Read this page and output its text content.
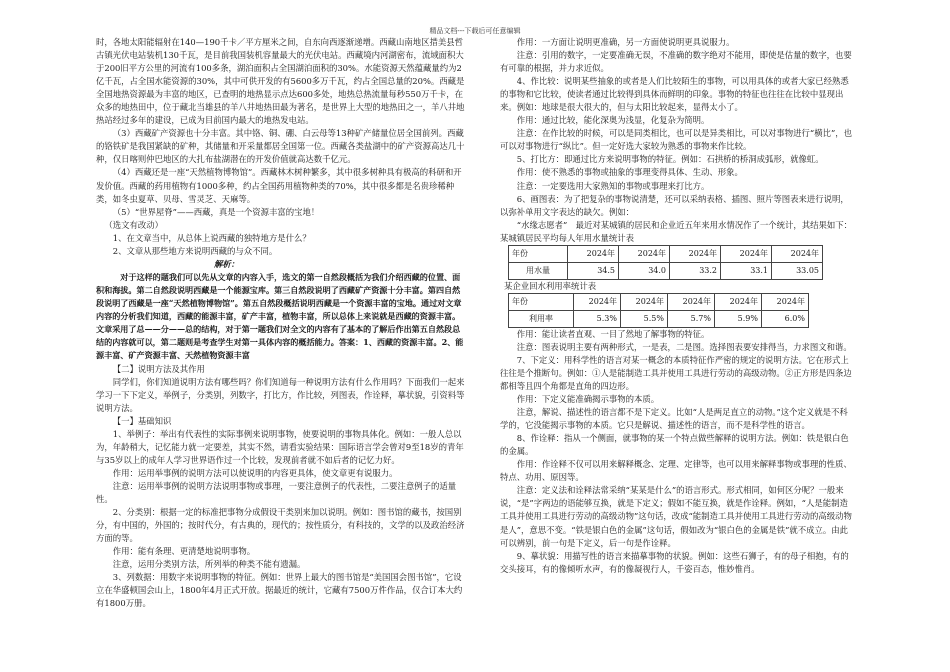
精品文档---下载后可任意编辑

时，各地太阳能辐射在140—190千卡／平方厘米之间，自东向西逐渐递增。西藏山南地区措美县哲古镇光伏电站装机130千瓦，是目前我国装机容量最大的光伏电站。西藏境内河湖密布，流域面积大于200旧平方公里的河流有100多条，湖泊面积占全国湖泊面积的30%。水能资源天然蕴藏量约为2亿千瓦，占全国水能资源的30%，其中可供开发的有5600多万千瓦，约占全国总量的20%。西藏是全国地热资源最为丰富的地区，已查明的地热显示点达600多处，地热总热流量每秒550万千卡，在众多的地热田中，位于藏北当雄县的羊八井地热田最为著名，是世界上大型的地热田之一，羊八井地热站经过多年的建设，已成为目前国内最大的地热发电站。

（3）西藏矿产资源也十分丰富。其中铬、铜、硼、白云母等13种矿产储量位居全国前列。西藏的铬铁矿是我国紧缺的矿种，其储量和开采量都居全国第一位。西藏各类盐湖中的矿产资源高达几十种，仅日喀则仲巴地区的大扎布盐湖潜在的开发价值就高达数千亿元。

（4）西藏还是一座“天然植物博物馆”。西藏林木树种繁多，其中很多树种具有极高的科研和开发价值。西藏的药用植物有1000多种，约占全国药用植物种类的70%，其中很多都是名贵珍稀种类，如冬虫夏草、贝母、雪灵芝、天麻等。

（5）“世界屋脊”——西藏，真是一个资源丰富的宝地！

（选文有改动）

1、在文章当中，从总体上说西藏的独特地方是什么？

2、文章从那些地方来说明西藏的与众不同。

解析：

对于这样的题我们可以先从文章的内容入手，选文的第一自然段概括为我们介绍西藏的位置、面积和海拔。第二自然段说明西藏是一个能源宝库。第三自然段说明了西藏矿产资源十分丰富。第四自然段说明了西藏是一座“天然植物博物馆”。第五自然段概括说明西藏是一个资源丰富的宝地。通过对文章内容的分析我们知道，西藏的能源丰富，矿产丰富，植物丰富，所以总体上来说就是西藏的资源丰富。文章采用了总——分——总的结构，对于第一题我们对全文的内容有了基本的了解后作出第五自然段总结的内容就可以，第二题则是考查学生对第一具体内容的概括能力。答案：1、西藏的资源丰富。2、能源丰富、矿产资源丰富、天然植物资源丰富

【二】说明方法及其作用

同学们，你们知道说明方法有哪些吗？你们知道每一种说明方法有什么作用吗？下面我们一起来学习一下下定义，举例子，分类别，列数字，打比方，作比较，列图表，作诠释，摹状貌，引资料等说明方法。

【一】基础知识

1、举例子：举出有代表性的实际事例来说明事物，使要说明的事物具体化。例如：一般人总以为，年龄稍大，记忆能力就一定要差，其实不然，请看实验结果：国际语言学会曾对9至18岁的青年与35岁以上的成年人学习世界语作过一个比较，发现前者就不如后者的记忆力好。

作用：运用举事例的说明方法可以使说明的内容更具体，使文章更有说服力。

注意：运用举事例的说明方法说明事物或事理，一要注意例子的代表性，二要注意例子的适量性。

2、分类别：根据一定的标准把事物分成假设干类别来加以说明。例如：图书馆的藏书，按国别分，有中国的，外国的；按时代分，有古典的，现代的；按性质分，有科技的，文学的以及政治经济方面的等。

作用：能有条理、更清楚地说明事物。

注意，运用分类别方法，所列举的种类不能有遗漏。

3、列数据：用数字来说明事物的特征。例如：世界上最大的图书馆是“美国国会图书馆”，它设立在华盛顿国会山上，1800年4月正式开放。据最近的统计，它藏有7500万件作品，仅合订本大约有1800万册。

作用：一方面让说明更准确，另一方面使说明更具说服力。

注意：引用的数字，一定要准确无误，不准确的数字绝对不能用，即使是估量的数字，也要有可靠的根据，并力求近似。

4、作比较：说明某些抽象的或者是人们比较陌生的事物，可以用具体的或者大家已经熟悉的事物和它比较，使读者通过比较得到具体而鲜明的印象。事物的特征也往往在比较中显现出来。例如：地球是很大很大的，但与太阳比较起来，显得太小了。

作用：通过比较，能化深奥为浅显，化复杂为简明。

注意：在作比较的时候，可以是同类相比，也可以是异类相比，可以对事物进行“横比”，也可以对事物进行“纵比”。但一定好选大家较为熟悉的事物来作比较。

5、打比方：即通过比方来说明事物的特征。例如：石拱桥的桥洞成弧形，就像虹。

作用：使不熟悉的事物或抽象的事理变得具体、生动、形象。

注意：一定要选用大家熟知的事物或事理来打比方。

6、画图表：为了把复杂的事物说清楚，还可以采纳表格、插图、照片等图表来进行说明，以弥补单用文字表达的缺欠。例如：

“水缘志愿者”　最近对某城镇的居民和企业近五年来用水情况作了一个统计，其结果如下：

某城镇居民平均每人年用水量统计表

年份	2024年	2024年	2024年	2024年	2024年
用水量	34.5	34.0	33.2	33.1	33.05

某企业回水利用率统计表

年份	2024年	2024年	2024年	2024年	2024年
利用率	5.3%	5.5%	5.7%	5.9%	6.0%

作用：能让读者直观、一目了然地了解事物的特征。

注意：图表说明主要有两种形式，一是表，二是图。选择图表要安排得当，力求图文和谐。

7、下定义：用科学性的语言对某一概念的本质特征作严密的规定的说明方法。它在形式上往往是个推断句。例如：①人是能制造工具并使用工具进行劳动的高级动物。②正方形是四条边都相等且四个角都是直角的四边形。

作用：下定义能准确揭示事物的本质。

注意，解说、描述性的语言都不是下定义。比如“人是两足直立的动物。”这个定义就是不科学的，它没能揭示事物的本质。它只是解说、描述性的语言，而不是科学性的语言。

8、作诠释：指从一个侧面，就事物的某一个特点做些解释的说明方法。例如：铁是银白色的金属。

作用：作诠释不仅可以用来解释概念、定理、定律等，也可以用来解释事物或事理的性质、特点、功用、原因等。

注意：定义法和诠释法常采纳“某某是什么”的语言形式。形式相同，如何区分呢？一般来说，“是”字两边的语能够互换，就是下定义；假如不能互换，就是作诠释。例如，“人是能制造工具并使用工具进行劳动的高级动物”这句话，改成“能制造工具并使用工具进行劳动的高级动物是人”，意思不变。“铁是银白色的金属”这句话，假如改为“银白色的金属是铁”就不成立。由此可以辨别，前一句是下定义，后一句是作诠释。

9、摹状貌：用描写性的语言来描摹事物的状貌。例如：这些石狮子，有的母子相抱，有的交头接耳，有的像倾听水声，有的像凝视行人，千姿百态，惟妙惟肖。
